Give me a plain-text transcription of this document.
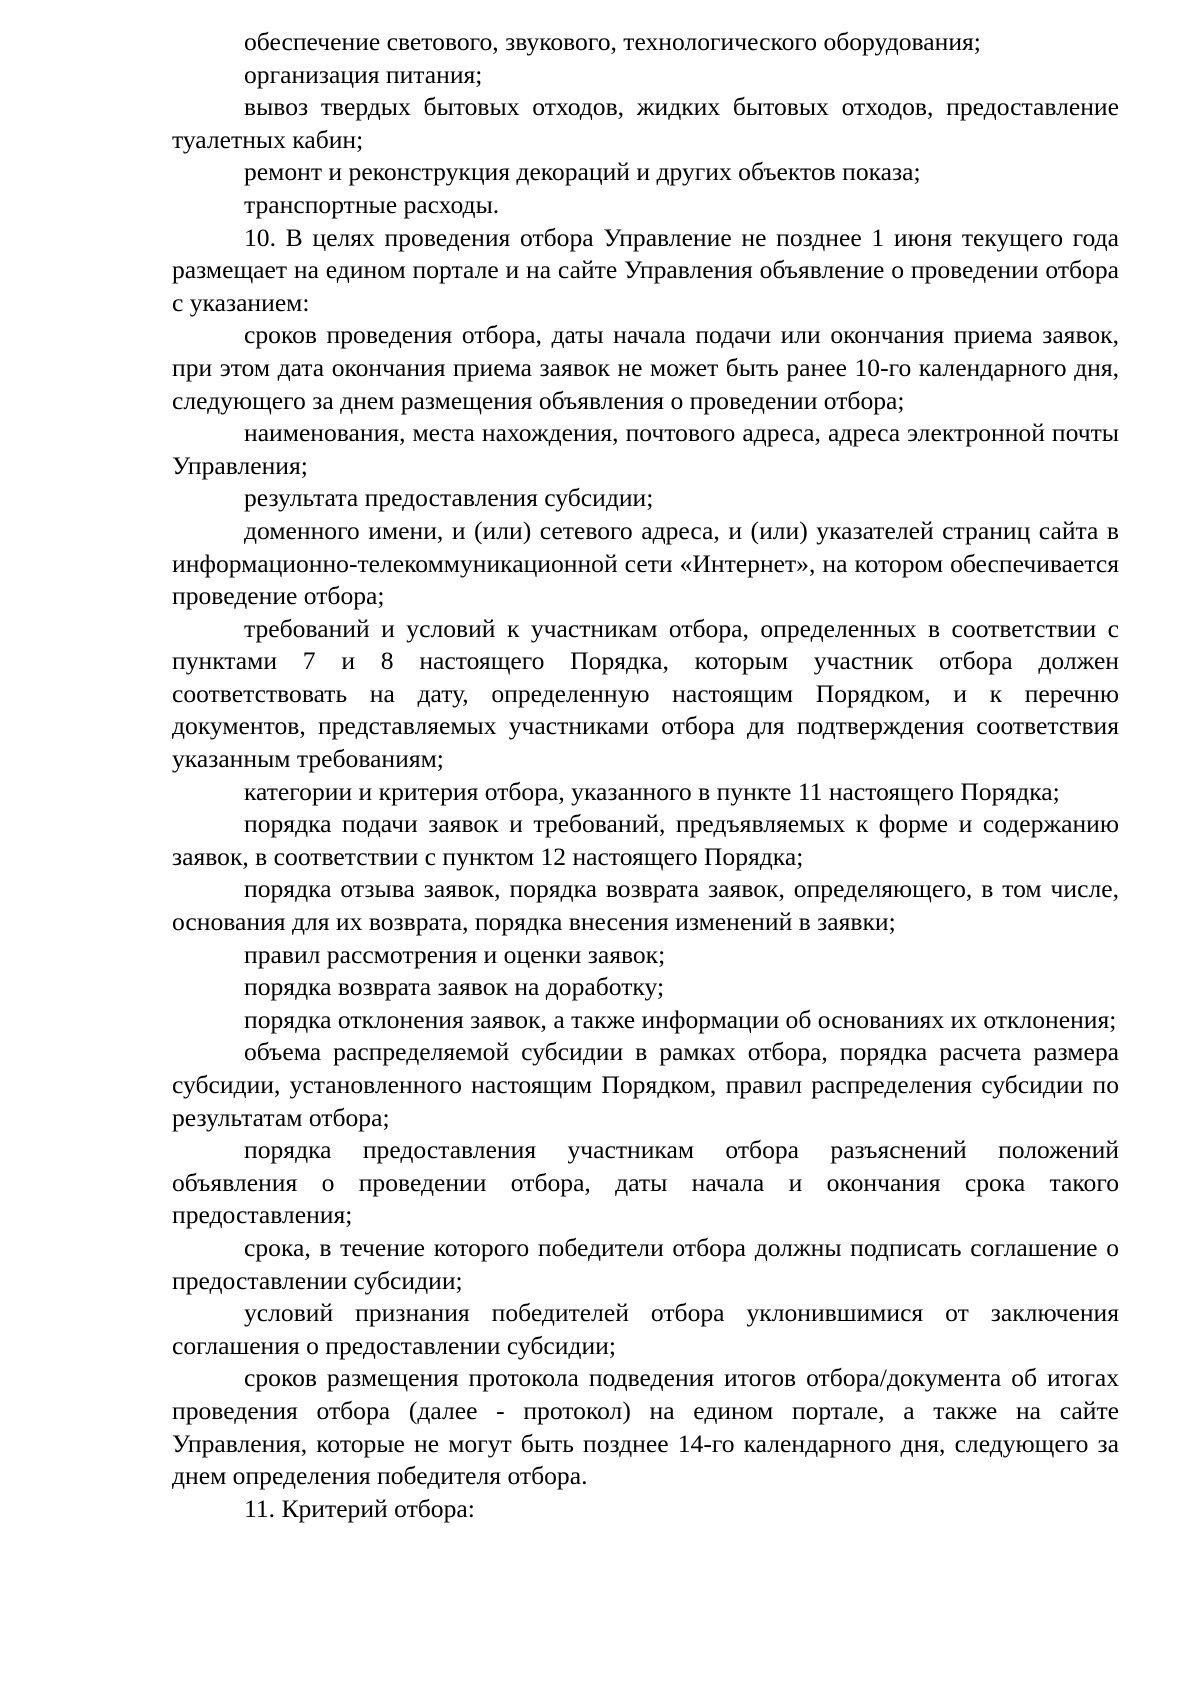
обеспечение светового, звукового, технологического оборудования;

организация питания;

вывоз твердых бытовых отходов, жидких бытовых отходов, предоставление туалетных кабин;

ремонт и реконструкция декораций и других объектов показа;

транспортные расходы.

10. В целях проведения отбора Управление не позднее 1 июня текущего года размещает на едином портале и на сайте Управления объявление о проведении отбора с указанием:

сроков проведения отбора, даты начала подачи или окончания приема заявок, при этом дата окончания приема заявок не может быть ранее 10-го календарного дня, следующего за днем размещения объявления о проведении отбора;

наименования, места нахождения, почтового адреса, адреса электронной почты Управления;

результата предоставления субсидии;

доменного имени, и (или) сетевого адреса, и (или) указателей страниц сайта в информационно-телекоммуникационной сети «Интернет», на котором обеспечивается проведение отбора;

требований и условий к участникам отбора, определенных в соответствии с пунктами 7 и 8 настоящего Порядка, которым участник отбора должен соответствовать на дату, определенную настоящим Порядком, и к перечню документов, представляемых участниками отбора для подтверждения соответствия указанным требованиям;

категории и критерия отбора, указанного в пункте 11 настоящего Порядка;

порядка подачи заявок и требований, предъявляемых к форме и содержанию заявок, в соответствии с пунктом 12 настоящего Порядка;

порядка отзыва заявок, порядка возврата заявок, определяющего, в том числе, основания для их возврата, порядка внесения изменений в заявки;

правил рассмотрения и оценки заявок;

порядка возврата заявок на доработку;

порядка отклонения заявок, а также информации об основаниях их отклонения;

объема распределяемой субсидии в рамках отбора, порядка расчета размера субсидии, установленного настоящим Порядком, правил распределения субсидии по результатам отбора;

порядка предоставления участникам отбора разъяснений положений объявления о проведении отбора, даты начала и окончания срока такого предоставления;

срока, в течение которого победители отбора должны подписать соглашение о предоставлении субсидии;

условий признания победителей отбора уклонившимися от заключения соглашения о предоставлении субсидии;

сроков размещения протокола подведения итогов отбора/документа об итогах проведения отбора (далее - протокол) на едином портале, а также на сайте Управления, которые не могут быть позднее 14-го календарного дня, следующего за днем определения победителя отбора.

11. Критерий отбора:
